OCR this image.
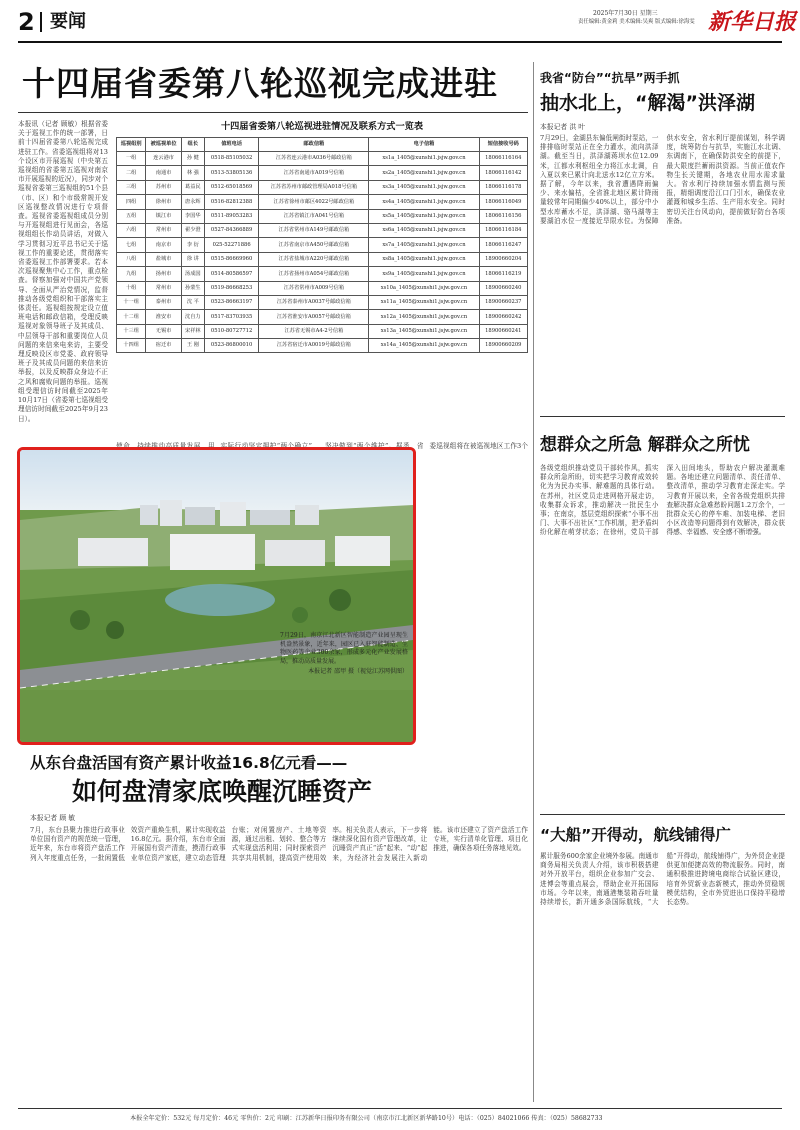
2 要闻	2025年7月30日 星期三
责任编辑:黄金莉 美术编辑:吴爽 版式编辑:徐海雯 新华日报
十四届省委第八轮巡视完成进驻
本报讯（记者 顾敏）根据省委关于巡视工作的统一部署，日前十四届省委第八轮巡视完成进驻工作。省委巡视组将对13个设区市开展巡视（中央第五巡视组的省委第五巡视对南京市开展巡视的近况），同步对个巡视省委第三巡视组的51个县（市、区）和个市级常规开发区巡视整改情况进行专项督查。巡视省委巡视组成员分别与开巡视组进行见面会，各巡视组组长作动员讲话，对做入学习贯彻习近平总书记关于巡视工作的重要论述，贯彻落实省委巡视工作部署要求。若本次巡视聚焦中心工作，重点检查。督察加强对中国共产党领导、全面从严治党情况，监督推动各级党组织和干部落实主体责任。巡视组按规定设立值班电话和邮政信箱，受理反映巡视对象领导班子及其成员、中层领导干部和重要岗位人员问题的来信来电来访，主要受理反映设区市党委、政府领导班子及其成员问题的来信来访举报，以及反映群众身边不正之风和腐败问题的举报。巡视组受理信访时间截至2025年10月17日（省委第七巡视组受理信访时间截至2025年9月23日）。
十四届省委第八轮巡视进驻情况及联系方式一览表
巡视组别	被巡视单位	组长	值班电话	邮政信箱	电子信箱	短信接收号码
一组	连云港市	孙 健	0518-85105032	江苏省连云港市A036号邮政信箱	xs1a_1405@xunshi1.jsjw.gov.cn	18066116164
二组	南通市	林 强	0513-53805136	江苏省南通市A019号信箱	xs2a_1405@xunshi1.jsjw.gov.cn	18066116142
三组	苏州市	葛益民	0512-65018569	江苏省苏州市邮政管理局A018号信箱	xs3a_1405@xunshi1.jsjw.gov.cn	18066116178
四组	徐州市	唐永辉	0516-82812388	江苏省徐州市邮区4022号邮政信箱	xs4a_1405@xunshi1.jsjw.gov.cn	18066116049
五组	镇江市	李国华	0511-89053283	江苏省镇江市A041号信箱	xs5a_1405@xunshi1.jsjw.gov.cn	18066116156
六组	常州市	翟少澄	0527-84366889	江苏省常州市A149号邮政信箱	xs6a_1405@xunshi1.jsjw.gov.cn	18066116184
七组	南京市	李 衍	025-52271886	江苏省南京市A450号邮政信箱	xs7a_1405@xunshi1.jsjw.gov.cn	18066116247
八组	盐城市	徐 讲	0515-86669960	江苏省盐城市A220号邮政信箱	xs8a_1405@xunshi1.jsjw.gov.cn	18900660204
九组	扬州市	汤成国	0514-80586597	江苏省扬州市A054号邮政信箱	xs9a_1405@xunshi1.jsjw.gov.cn	18066116219
十组	常州市	孙蒙生	0519-86668253	江苏省常州市A009号信箱	xs10a_1405@xunshi1.jsjw.gov.cn	18900660240
十一组	泰州市	沈 平	0523-86663197	江苏省泰州市A0037号邮政信箱	xs11a_1405@xunshi1.jsjw.gov.cn	18900660237
十二组	淮安市	沈自力	0517-83703935	江苏省淮安市A0057号邮政信箱	xs12a_1405@xunshi1.jsjw.gov.cn	18900660242
十三组	无锡市	宋祥林	0510-80727712	江苏省无锡市A4-2号信箱	xs13a_1405@xunshi1.jsjw.gov.cn	18900660241
十四组	宿迁市	王 刚	0523-86800010	江苏省宿迁市A0019号邮政信箱	xs14a_1405@xunshi1.jsjw.gov.cn	18900660209
使命，持续推动高质量发展，用实际行动坚定拥护“两个确立”，坚决做到“两个维护”。据悉，省委巡视组将在被巡视地区工作3个
7月29日，南京江北新区智能制造产业园呈现生机盎然景象，近年来，园区已入驻智能制造、生物医药等企业300余家，形成多元化产业发展格局，推动高质量发展。
本报记者 邵甲 摄（视觉江苏网供图）
从东台盘活国有资产累计收益16.8亿元看——
如何盘清家底唤醒沉睡资产
本报记者 顾 敏
7月，东台县聚力推进行政事业单位国有资产的规范统一管理，近年来，东台市将资产盘活工作列入年度重点任务，一批闲置低效资产重焕生机，累计实现收益16.8亿元。据介绍，东台市全面开展国有资产清查，摸清行政事业单位资产家底，建立动态管理台账；对闲置房产、土地等资源，通过出租、划转、整合等方式实现盘活利用；同时探索资产共享共用机制，提高资产使用效率。相关负责人表示，下一步将继续深化国有资产管理改革，让沉睡资产真正“活”起来、“动”起来，为经济社会发展注入新动能。该市还建立了资产盘活工作专班，实行清单化管理、项目化推进，确保各项任务落地见效。
我省“防台”“抗旱”两手抓
抽水北上，“解渴”洪泽湖
本报记者 洪 叶
7月29日，金湖县东偏低闸街时泵站，一排排临时泵站正在全力灌水，流向洪泽湖。截至当日，洪泽湖蒋坝水位12.09米，江都水利枢纽全力将江水北调，自入夏以来已累计向北送水12亿立方米。据了解，今年以来，我省遭遇降雨偏少、来水偏枯，全省淮北地区累计降雨量较常年同期偏少40%以上，部分中小型水库蓄水不足，洪泽湖、骆马湖等主要湖泊水位一度接近旱限水位。为保障供水安全，省水利厅提前谋划，科学调度，统筹防台与抗旱，实施江水北调、东调南下，在确保防洪安全的前提下，最大限度拦蓄雨洪资源。当前正值农作物生长关键期，各地农业用水需求量大。省水利厅持续加强水情监测与预报，精细调度沿江口门引水，确保农业灌溉和城乡生活、生产用水安全。同时密切关注台风动向，提前做好防台各项准备。
想群众之所急 解群众之所忧
各级党组织推动党员干部转作风，抓实群众所急所盼，切实把学习教育成效转化为为民办实事、解难题的具体行动。在苏州，社区党员走进网格开展走访，收集群众诉求，推动解决一批民生小事；在南京，基层党组织探索“小事不出门、大事不出社区”工作机制，把矛盾纠纷化解在萌芽状态；在徐州，党员干部深入田间地头，帮助农户解决灌溉难题。各地还建立问题清单、责任清单、整改清单，推动学习教育走深走实。学习教育开展以来，全省各级党组织共排查解决群众急难愁盼问题1.2万余个，一批群众关心的停车难、加装电梯、老旧小区改造等问题得到有效解决，群众获得感、幸福感、安全感不断增强。
“大船”开得动，航线铺得广
累计服务600余家企业境外参展。南通市商务局相关负责人介绍，该市积极搭建对外开放平台，组织企业参加广交会、进博会等重点展会，帮助企业开拓国际市场。今年以来，南通港集装箱吞吐量持续增长，新开通多条国际航线，“大船”开得动，航线铺得广，为外贸企业提供更加便捷高效的物流服务。同时，南通积极推进跨境电商综合试验区建设，培育外贸新业态新模式，推动外贸稳规模优结构，全市外贸进出口保持平稳增长态势。
本报全年定价：532元 每月定价：46元 零售价：2元 印刷：江苏新华日报印务有限公司（南京市江北新区新华路10号）电话：（025）84021066 传真：（025）58682733
